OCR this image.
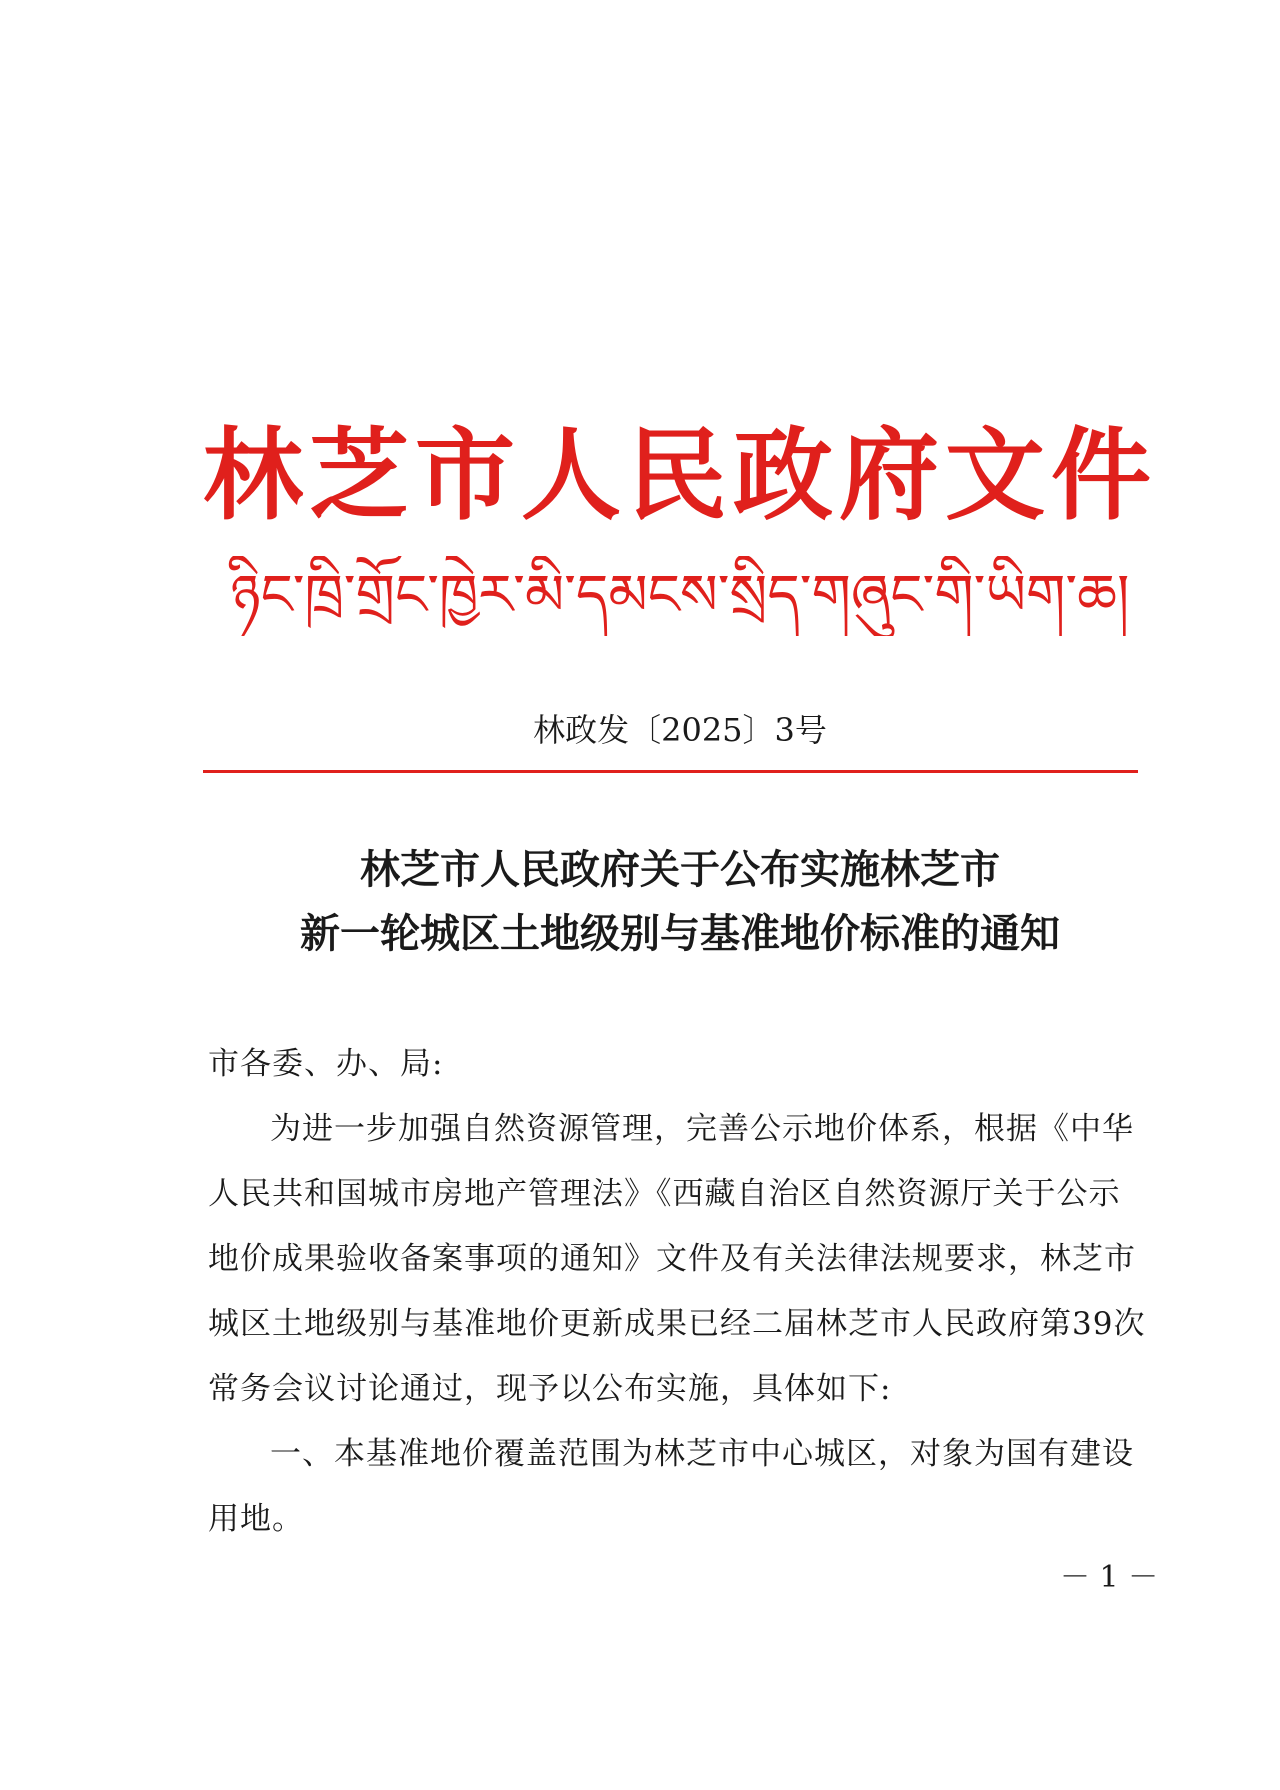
林芝市人民政府文件
ཉིང་ཁྲི་གྲོང་ཁྱེར་མི་དམངས་སྲིད་གཞུང་གི་ཡིག་ཆ།
林政发〔2025〕3号
林芝市人民政府关于公布实施林芝市
新一轮城区土地级别与基准地价标准的通知

市各委、办、局:

为进一步加强自然资源管理，完善公示地价体系，根据《中华人民共和国城市房地产管理法》《西藏自治区自然资源厅关于公示地价成果验收备案事项的通知》文件及有关法律法规要求，林芝市城区土地级别与基准地价更新成果已经二届林芝市人民政府第39次常务会议讨论通过，现予以公布实施，具体如下:

一、本基准地价覆盖范围为林芝市中心城区，对象为国有建设用地。

－ 1 －
